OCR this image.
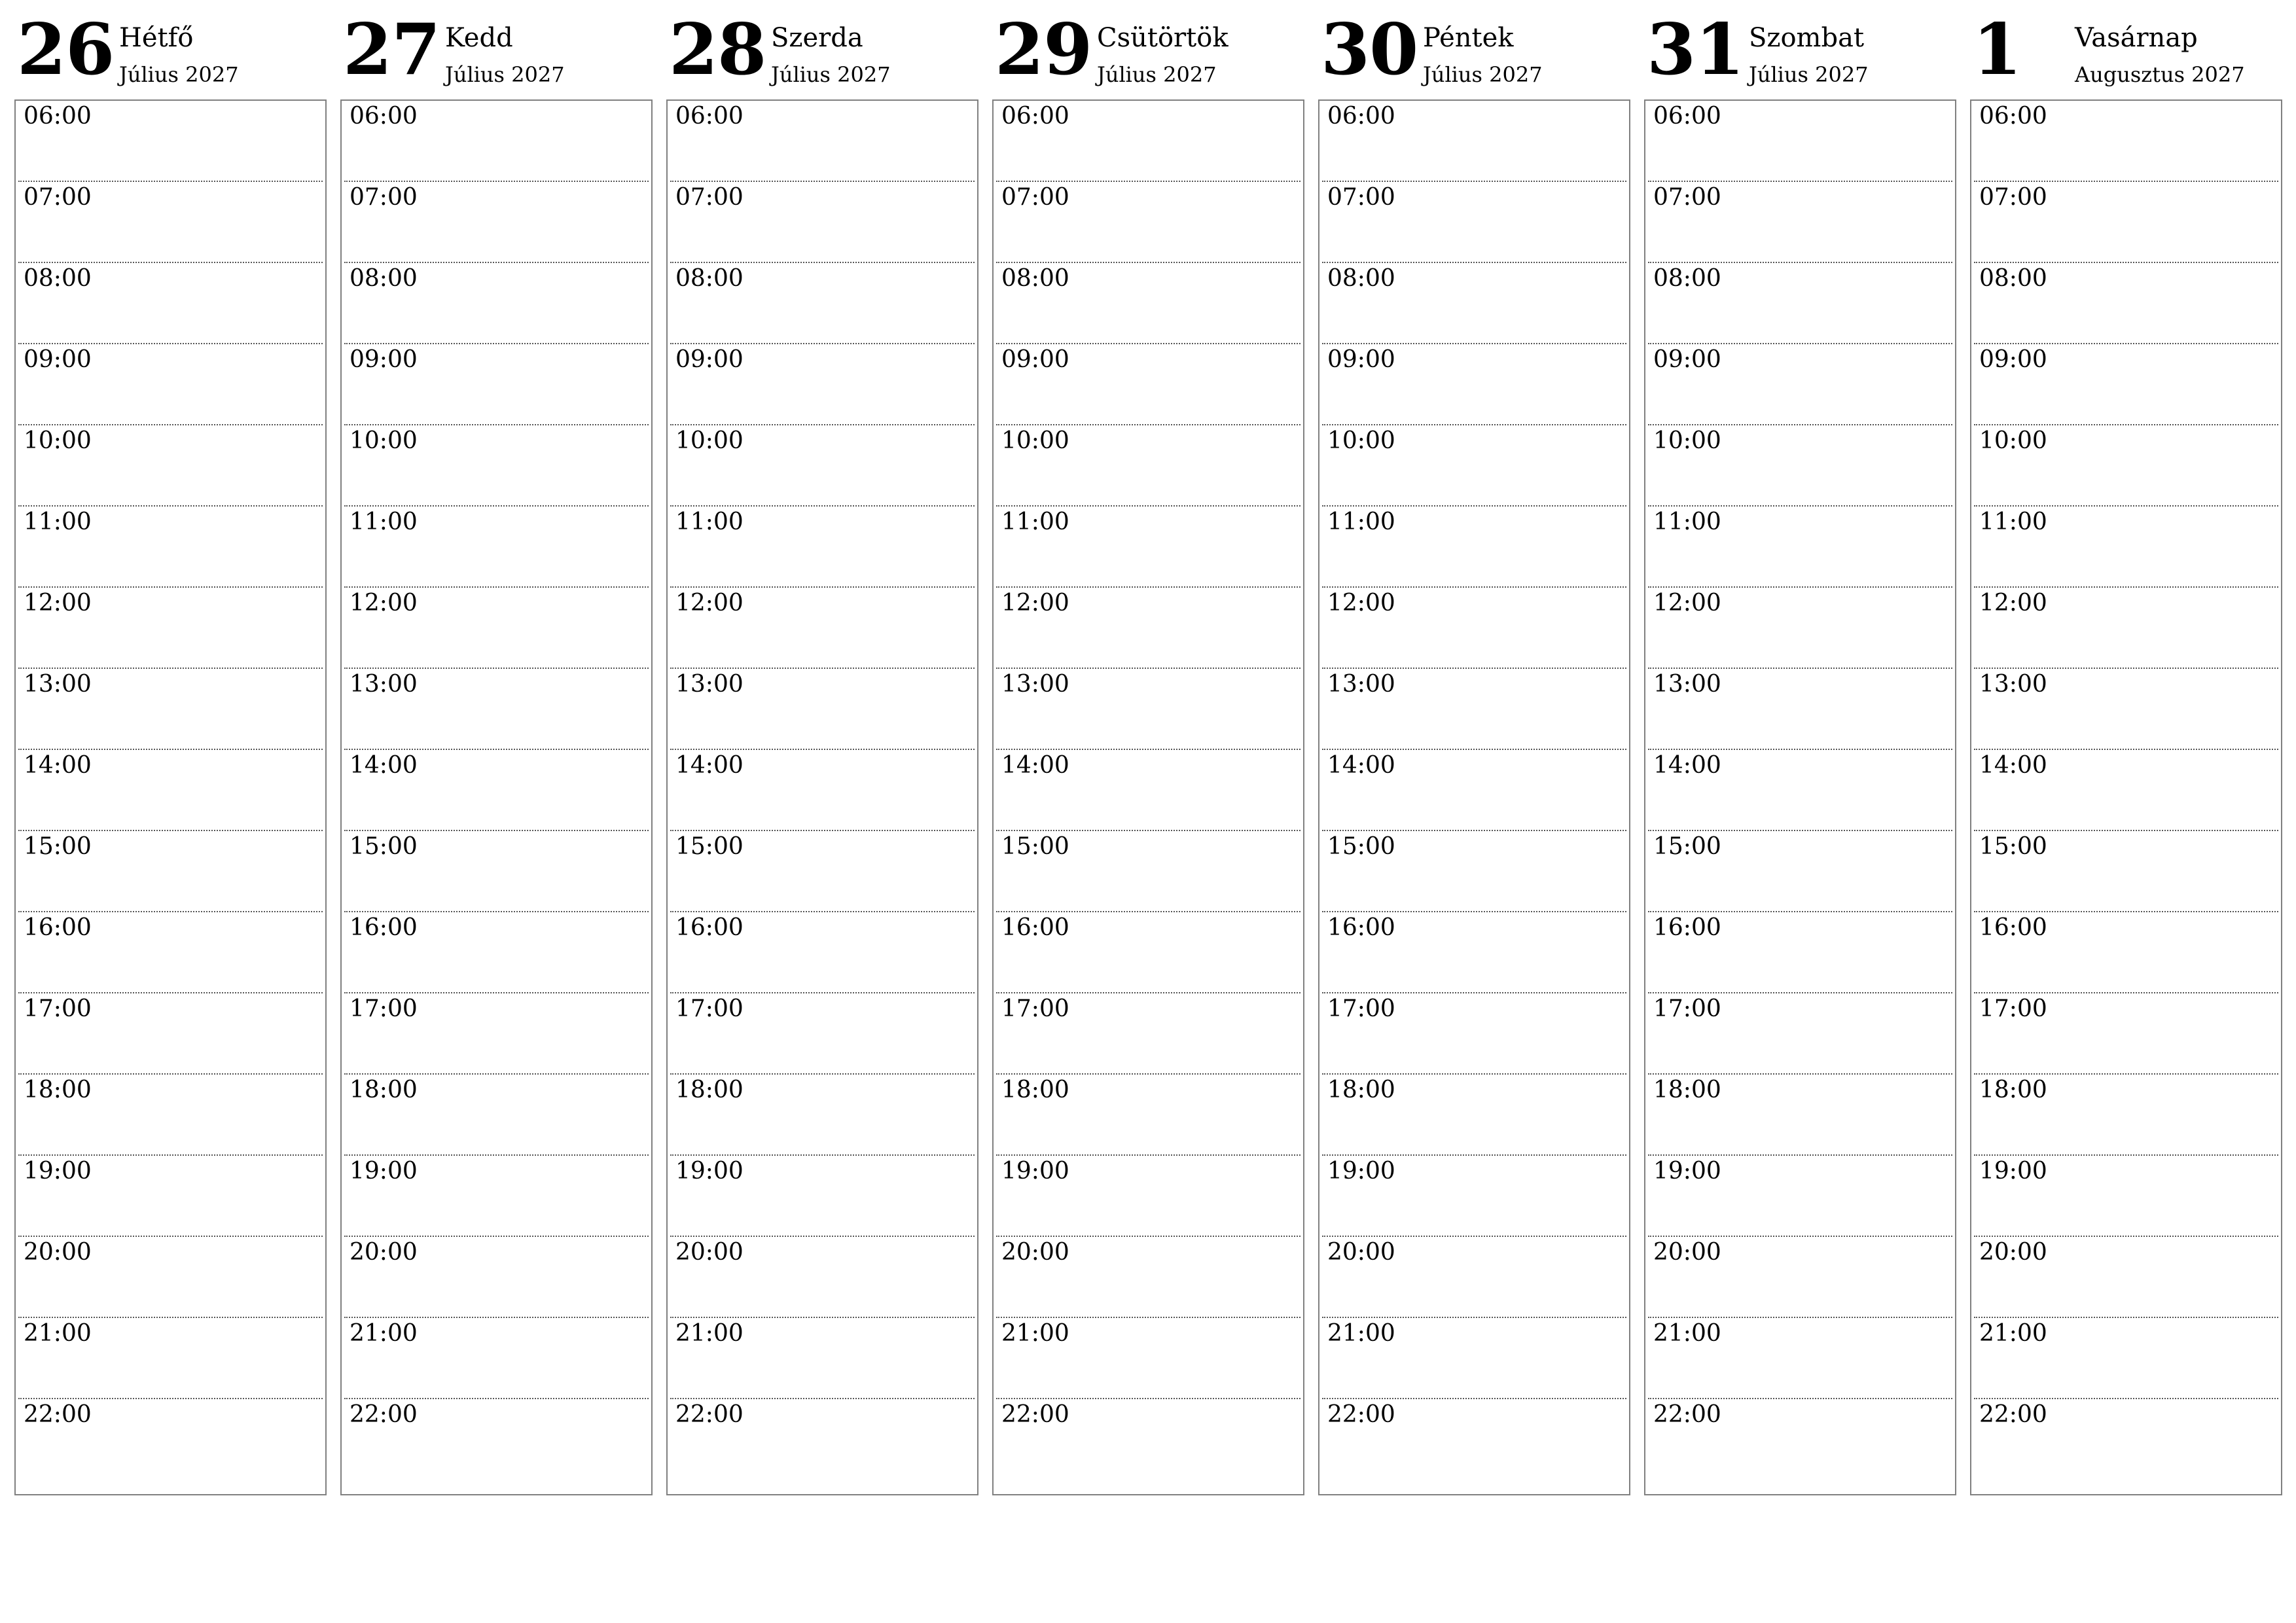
26 Hétfő
Július 2027
06:00
07:00
08:00
09:00
10:00
11:00
12:00
13:00
14:00
15:00
16:00
17:00
18:00
19:00
20:00
21:00
22:00
27 Kedd
Július 2027
06:00
07:00
08:00
09:00
10:00
11:00
12:00
13:00
14:00
15:00
16:00
17:00
18:00
19:00
20:00
21:00
22:00
28 Szerda
Július 2027
06:00
07:00
08:00
09:00
10:00
11:00
12:00
13:00
14:00
15:00
16:00
17:00
18:00
19:00
20:00
21:00
22:00
29 Csütörtök
Július 2027
06:00
07:00
08:00
09:00
10:00
11:00
12:00
13:00
14:00
15:00
16:00
17:00
18:00
19:00
20:00
21:00
22:00
30 Péntek
Július 2027
06:00
07:00
08:00
09:00
10:00
11:00
12:00
13:00
14:00
15:00
16:00
17:00
18:00
19:00
20:00
21:00
22:00
31 Szombat
Július 2027
06:00
07:00
08:00
09:00
10:00
11:00
12:00
13:00
14:00
15:00
16:00
17:00
18:00
19:00
20:00
21:00
22:00
1 Vasárnap
Augusztus 2027
06:00
07:00
08:00
09:00
10:00
11:00
12:00
13:00
14:00
15:00
16:00
17:00
18:00
19:00
20:00
21:00
22:00
